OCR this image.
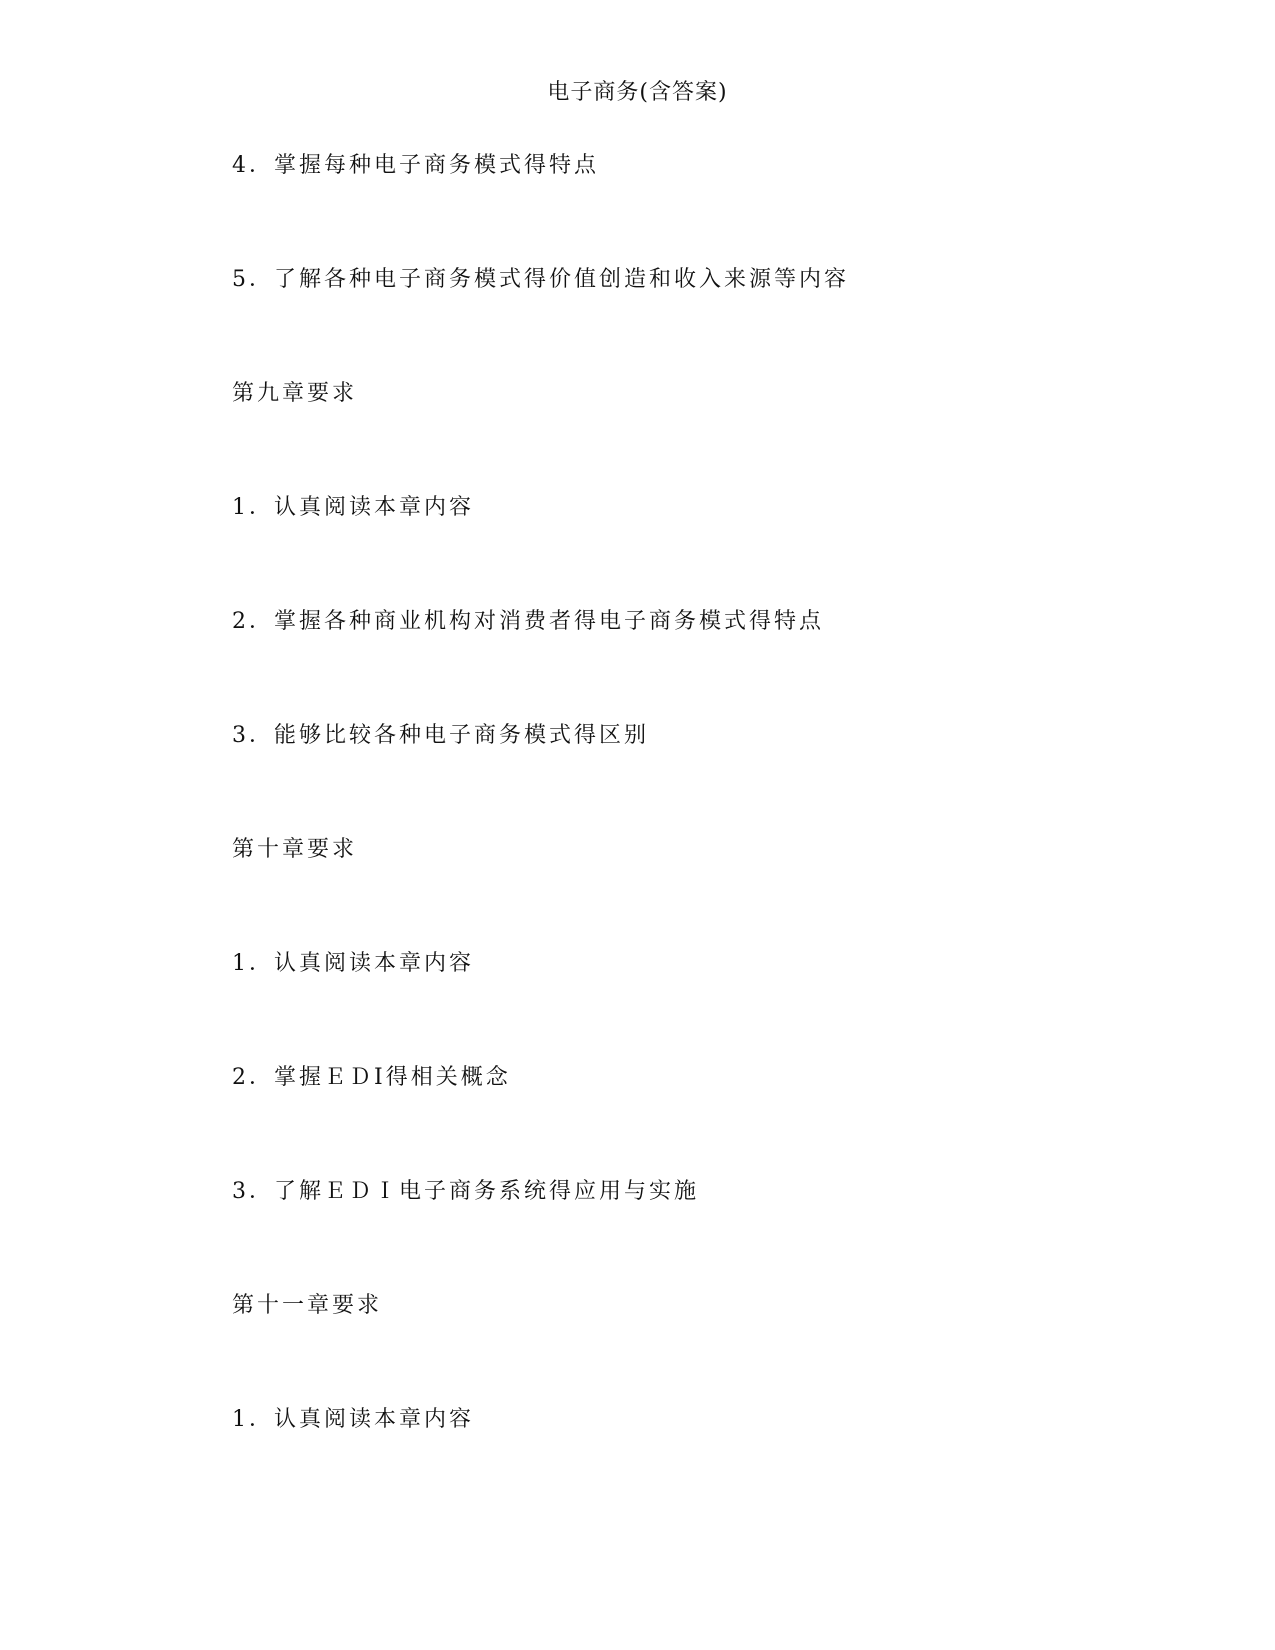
电子商务(含答案)
4．掌握每种电子商务模式得特点
5．了解各种电子商务模式得价值创造和收入来源等内容
第九章要求
1．认真阅读本章内容
2．掌握各种商业机构对消费者得电子商务模式得特点
3．能够比较各种电子商务模式得区别
第十章要求
1．认真阅读本章内容
2．掌握ＥＤI得相关概念
3．了解ＥＤＩ电子商务系统得应用与实施
第十一章要求
1．认真阅读本章内容
